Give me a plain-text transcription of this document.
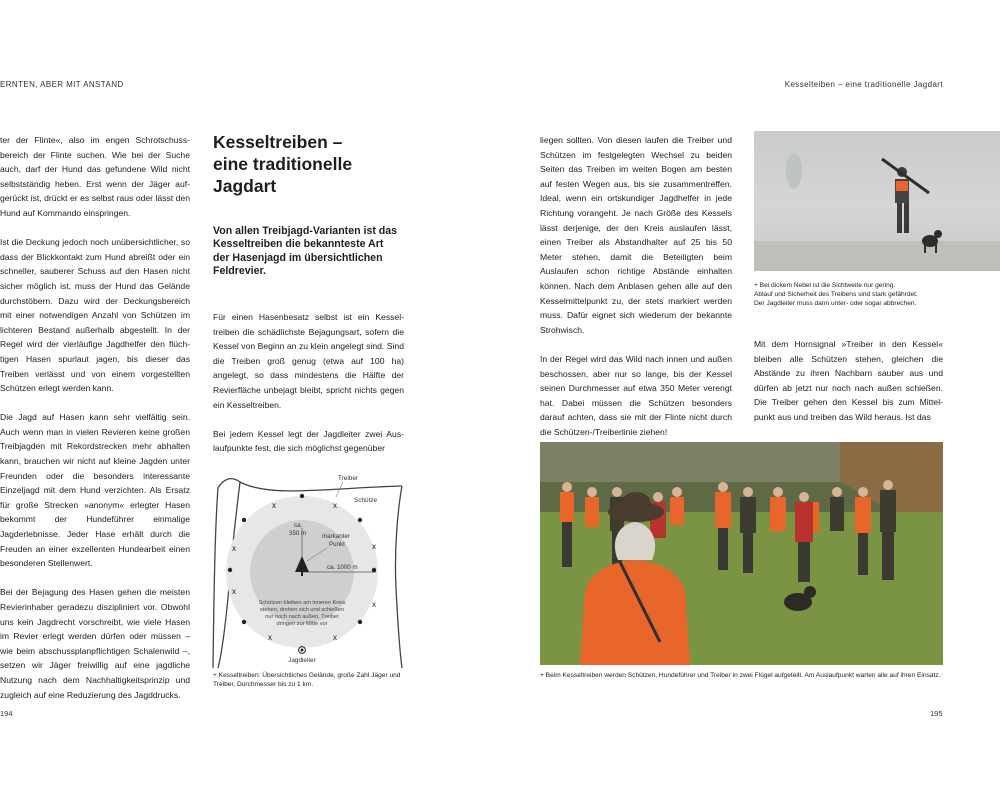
ERNTEN, ABER MIT ANSTAND	Kesselteiben – eine traditionelle Jagdart

ter der Flinte«, also im engen Schrotschussbereich der Flinte suchen. Wie bei der Suche auch, darf der Hund das gefundene Wild nicht selbstständig heben. Erst wenn der Jäger aufgerückt ist, drückt er es selbst raus oder lässt den Hund auf Kommando einspringen.

Ist die Deckung jedoch noch unübersichtlicher, so dass der Blickkontakt zum Hund abreißt oder ein schneller, sauberer Schuss auf den Hasen nicht sicher möglich ist, muss der Hund das Gelände durchstöbern. Dazu wird der Deckungsbereich mit einer notwendigen Anzahl von Schützen im lichteren Bestand außerhalb abgestellt. In der Regel wird der vierläufige Jagdhelfer den flüchtigen Hasen spurlaut jagen, bis dieser das Treiben verlässt und von einem vorgestellten Schützen erlegt werden kann.

Die Jagd auf Hasen kann sehr vielfältig sein. Auch wenn man in vielen Revieren keine großen Treibjagden mit Rekordstrecken mehr abhalten kann, brauchen wir nicht auf kleine Jagden unter Freunden oder die besonders interessante Einzeljagd mit dem Hund verzichten. Als Ersatz für große Strecken »anonym« erlegter Hasen bekommt der Hundeführer einmalige Jagderlebnisse. Jeder Hase erhält durch die Freuden an einer exzellenten Hundearbeit einen besonderen Stellenwert.

Bei der Bejagung des Hasen gehen die meisten Revierinhaber geradezu diszipliniert vor. Obwohl uns kein Jagdrecht vorschreibt, wie viele Hasen im Revier erlegt werden dürfen oder müssen – wie beim abschussplanpflichtigen Schalenwild –, setzen wir Jäger freiwillig auf eine jagdliche Nutzung nach dem Nachhaltigkeitsprinzip und zugleich auf eine Reduzierung des Jagddrucks.

Kesseltreiben –
eine traditionelle
Jagdart
Von allen Treibjagd-Varianten ist das Kesseltreiben die bekannteste Art der Hasenjagd im übersichtlichen Feldrevier.

Für einen Hasenbesatz selbst ist ein Kesseltreiben die schädlichste Bejagungsart, sofern die Kessel von Beginn an zu klein angelegt sind. Sind die Treiben groß genug (etwa auf 100 ha) angelegt, so dass mindestens die Hälfte der Revierfläche unbejagt bleibt, spricht nichts gegen ein Kesseltreiben.

Bei jedem Kessel legt der Jagdleiter zwei Auslaufpunkte fest, die sich möglichst gegenüber

x	x
x	x
x
x
x	x
Treiber
Schütze
ca.
350 m	markanter
Punkt
ca. 1000 m
Schützen bleiben am inneren Kreis
stehen, drehen sich und schießen
nur noch nach außen, Treiber
dringen zur Mitte vor
Jagdleiter
+ Kesseltreiben: Übersichtliches Gelände, große Zahl Jäger und Treiber, Durchmesser bis zu 1 km.

liegen sollten. Von diesen laufen die Treiber und Schützen im festgelegten Wechsel zu beiden Seiten das Treiben im weiten Bogen am besten auf festen Wegen aus, bis sie zusammentreffen. Ideal, wenn ein ortskundiger Jagdhelfer in jede Richtung vorangeht. Je nach Größe des Kessels lässt derjenige, der den Kreis auslaufen lässt, einen Treiber als Abstandhalter auf 25 bis 50 Meter stehen, damit die Beteiligten beim Auslaufen schon richtige Abstände einhalten können. Nach dem Anblasen gehen alle auf den Kesselmittelpunkt zu, der stets markiert werden muss. Dafür eignet sich wiederum der bekannte Strohwisch.

In der Regel wird das Wild nach innen und außen beschossen, aber nur so lange, bis der Kessel seinen Durchmesser auf etwa 350 Meter verengt hat. Dabei müssen die Schützen besonders darauf achten, dass sie mit der Flinte nicht durch die Schützen-/Treiberlinie ziehen!

+ Bei dickem Nebel ist die Sichtweite nur gering.
Ablauf und Sicherheit des Treibens sind stark gefährdet.
Der Jagdleiter muss dann unter- oder sogar abbrechen.

Mit dem Hornsignal »Treiber in den Kessel« bleiben alle Schützen stehen, gleichen die Abstände zu ihren Nachbarn sauber aus und dürfen ab jetzt nur noch nach außen schießen. Die Treiber gehen den Kessel bis zum Mittelpunkt aus und treiben das Wild heraus. Ist das

+ Beim Kesseltreiben werden Schützen, Hundeführer und Treiber in zwei Flügel aufgeteilt. Am Auslaufpunkt warten alle auf ihren Einsatz.
194	195
